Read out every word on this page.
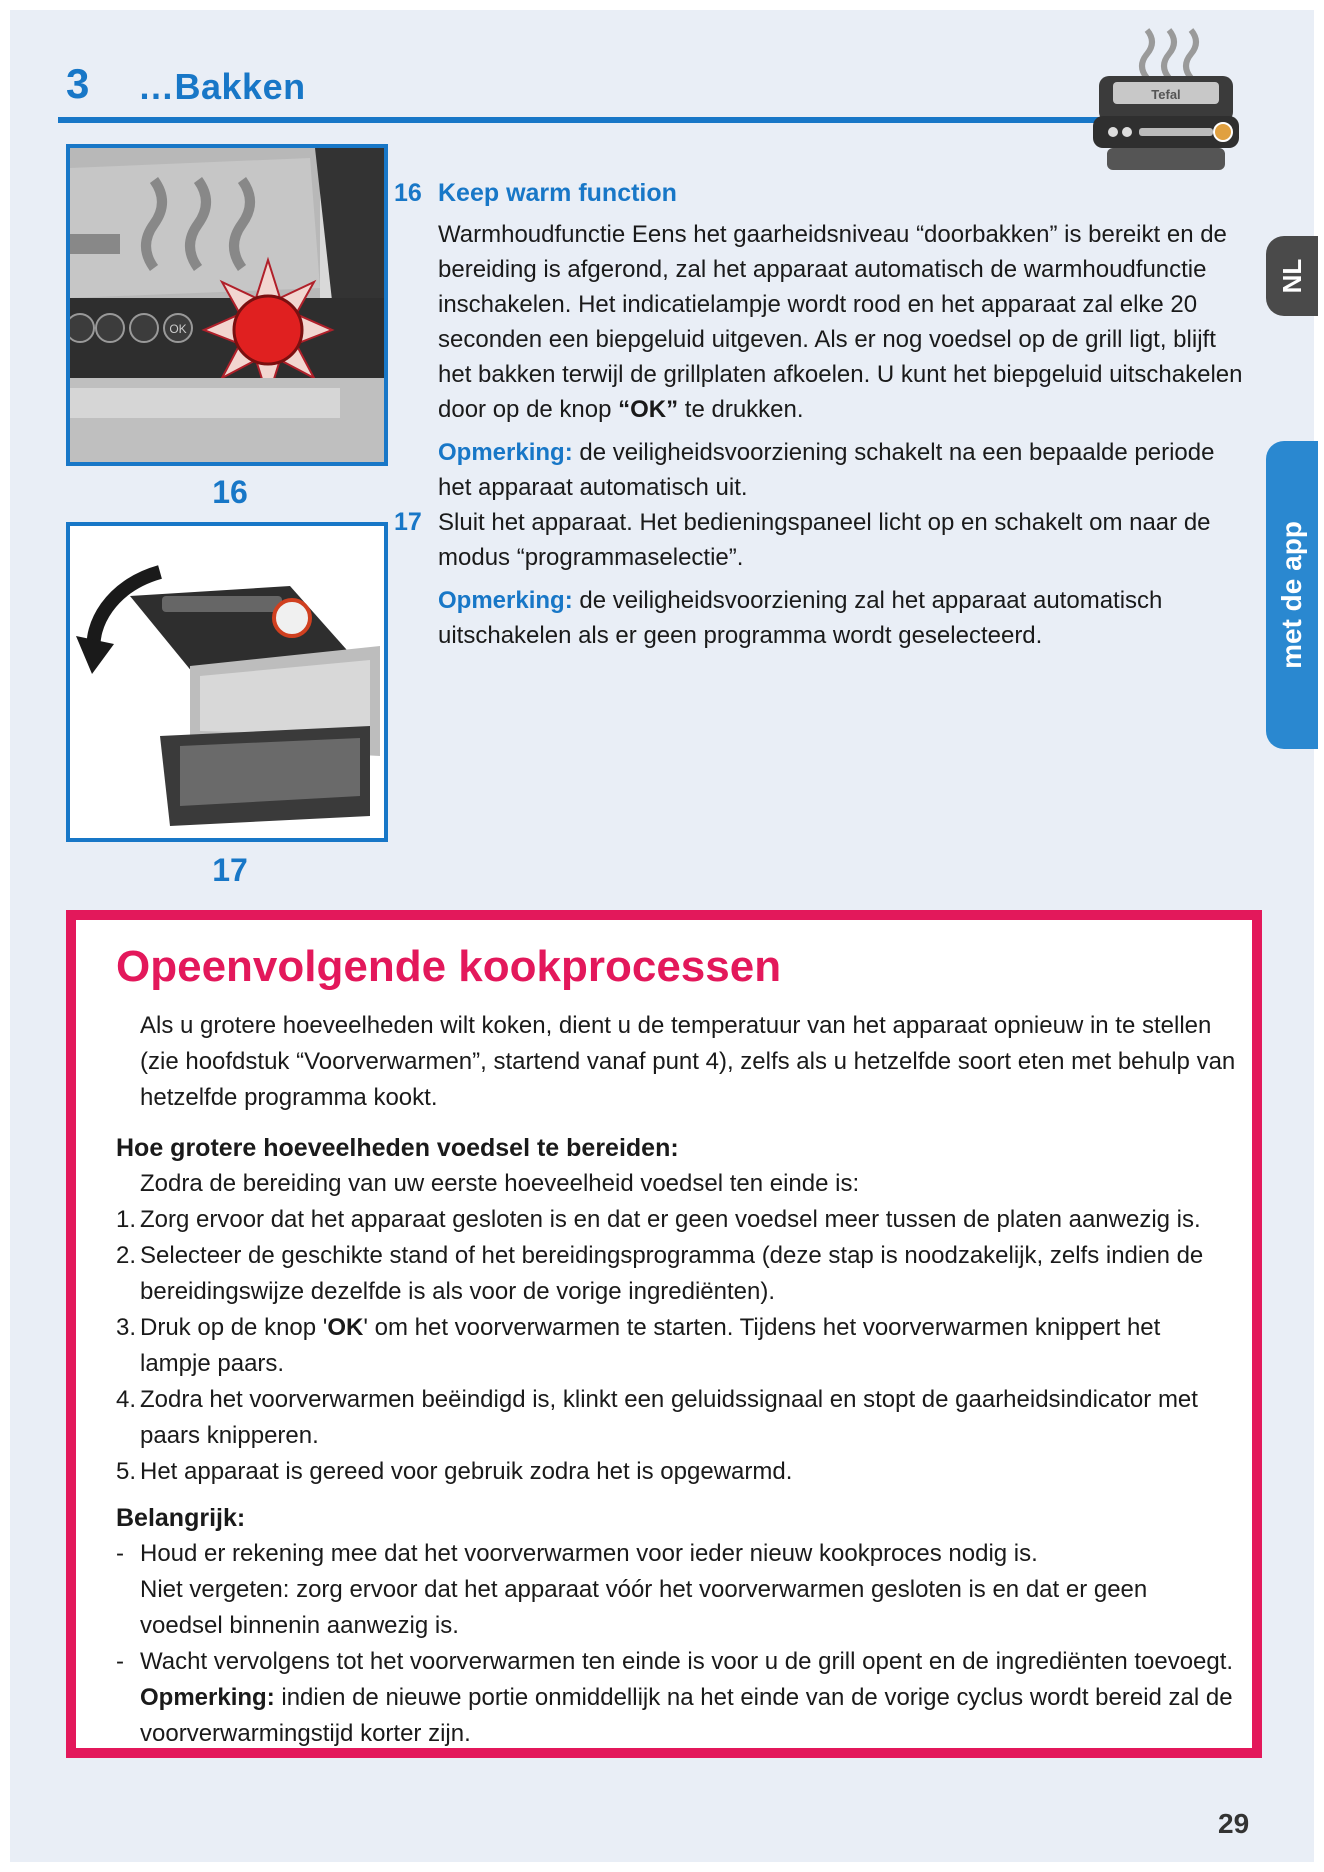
3 …Bakken	Tefal
NL
met de app
OK
16
17
16 Keep warm function

Warmhoudfunctie Eens het gaarheidsniveau “doorbakken” is bereikt en de bereiding is afgerond, zal het apparaat automatisch de warmhoudfunctie inschakelen. Het indicatielampje wordt rood en het apparaat zal elke 20 seconden een biepgeluid uitgeven. Als er nog voedsel op de grill ligt, blijft het bakken terwijl de grillplaten afkoelen. U kunt het biepgeluid uitschakelen door op de knop “OK” te drukken.

Opmerking: de veiligheidsvoorziening schakelt na een bepaalde periode het apparaat automatisch uit.

17 Sluit het apparaat. Het bedieningspaneel licht op en schakelt om naar de modus “programmaselectie”.

Opmerking: de veiligheidsvoorziening zal het apparaat automatisch uitschakelen als er geen programma wordt geselecteerd.

Opeenvolgende kookprocessen

Als u grotere hoeveelheden wilt koken, dient u de temperatuur van het apparaat opnieuw in te stellen (zie hoofdstuk “Voorverwarmen”, startend vanaf punt 4), zelfs als u hetzelfde soort eten met behulp van hetzelfde programma kookt.

Hoe grotere hoeveelheden voedsel te bereiden:

Zodra de bereiding van uw eerste hoeveelheid voedsel ten einde is:

1. Zorg ervoor dat het apparaat gesloten is en dat er geen voedsel meer tussen de platen aanwezig is.
2. Selecteer de geschikte stand of het bereidingsprogramma (deze stap is noodzakelijk, zelfs indien de bereidingswijze dezelfde is als voor de vorige ingrediënten).
3. Druk op de knop 'OK' om het voorverwarmen te starten. Tijdens het voorverwarmen knippert het lampje paars.
4. Zodra het voorverwarmen beëindigd is, klinkt een geluidssignaal en stopt de gaarheidsindicator met paars knipperen.
5. Het apparaat is gereed voor gebruik zodra het is opgewarmd.
Belangrijk:
- Houd er rekening mee dat het voorverwarmen voor ieder nieuw kookproces nodig is.
Niet vergeten: zorg ervoor dat het apparaat vóór het voorverwarmen gesloten is en dat er geen voedsel binnenin aanwezig is.
- Wacht vervolgens tot het voorverwarmen ten einde is voor u de grill opent en de ingrediënten toevoegt.
Opmerking: indien de nieuwe portie onmiddellijk na het einde van de vorige cyclus wordt bereid zal de voorverwarmingstijd korter zijn.
29
